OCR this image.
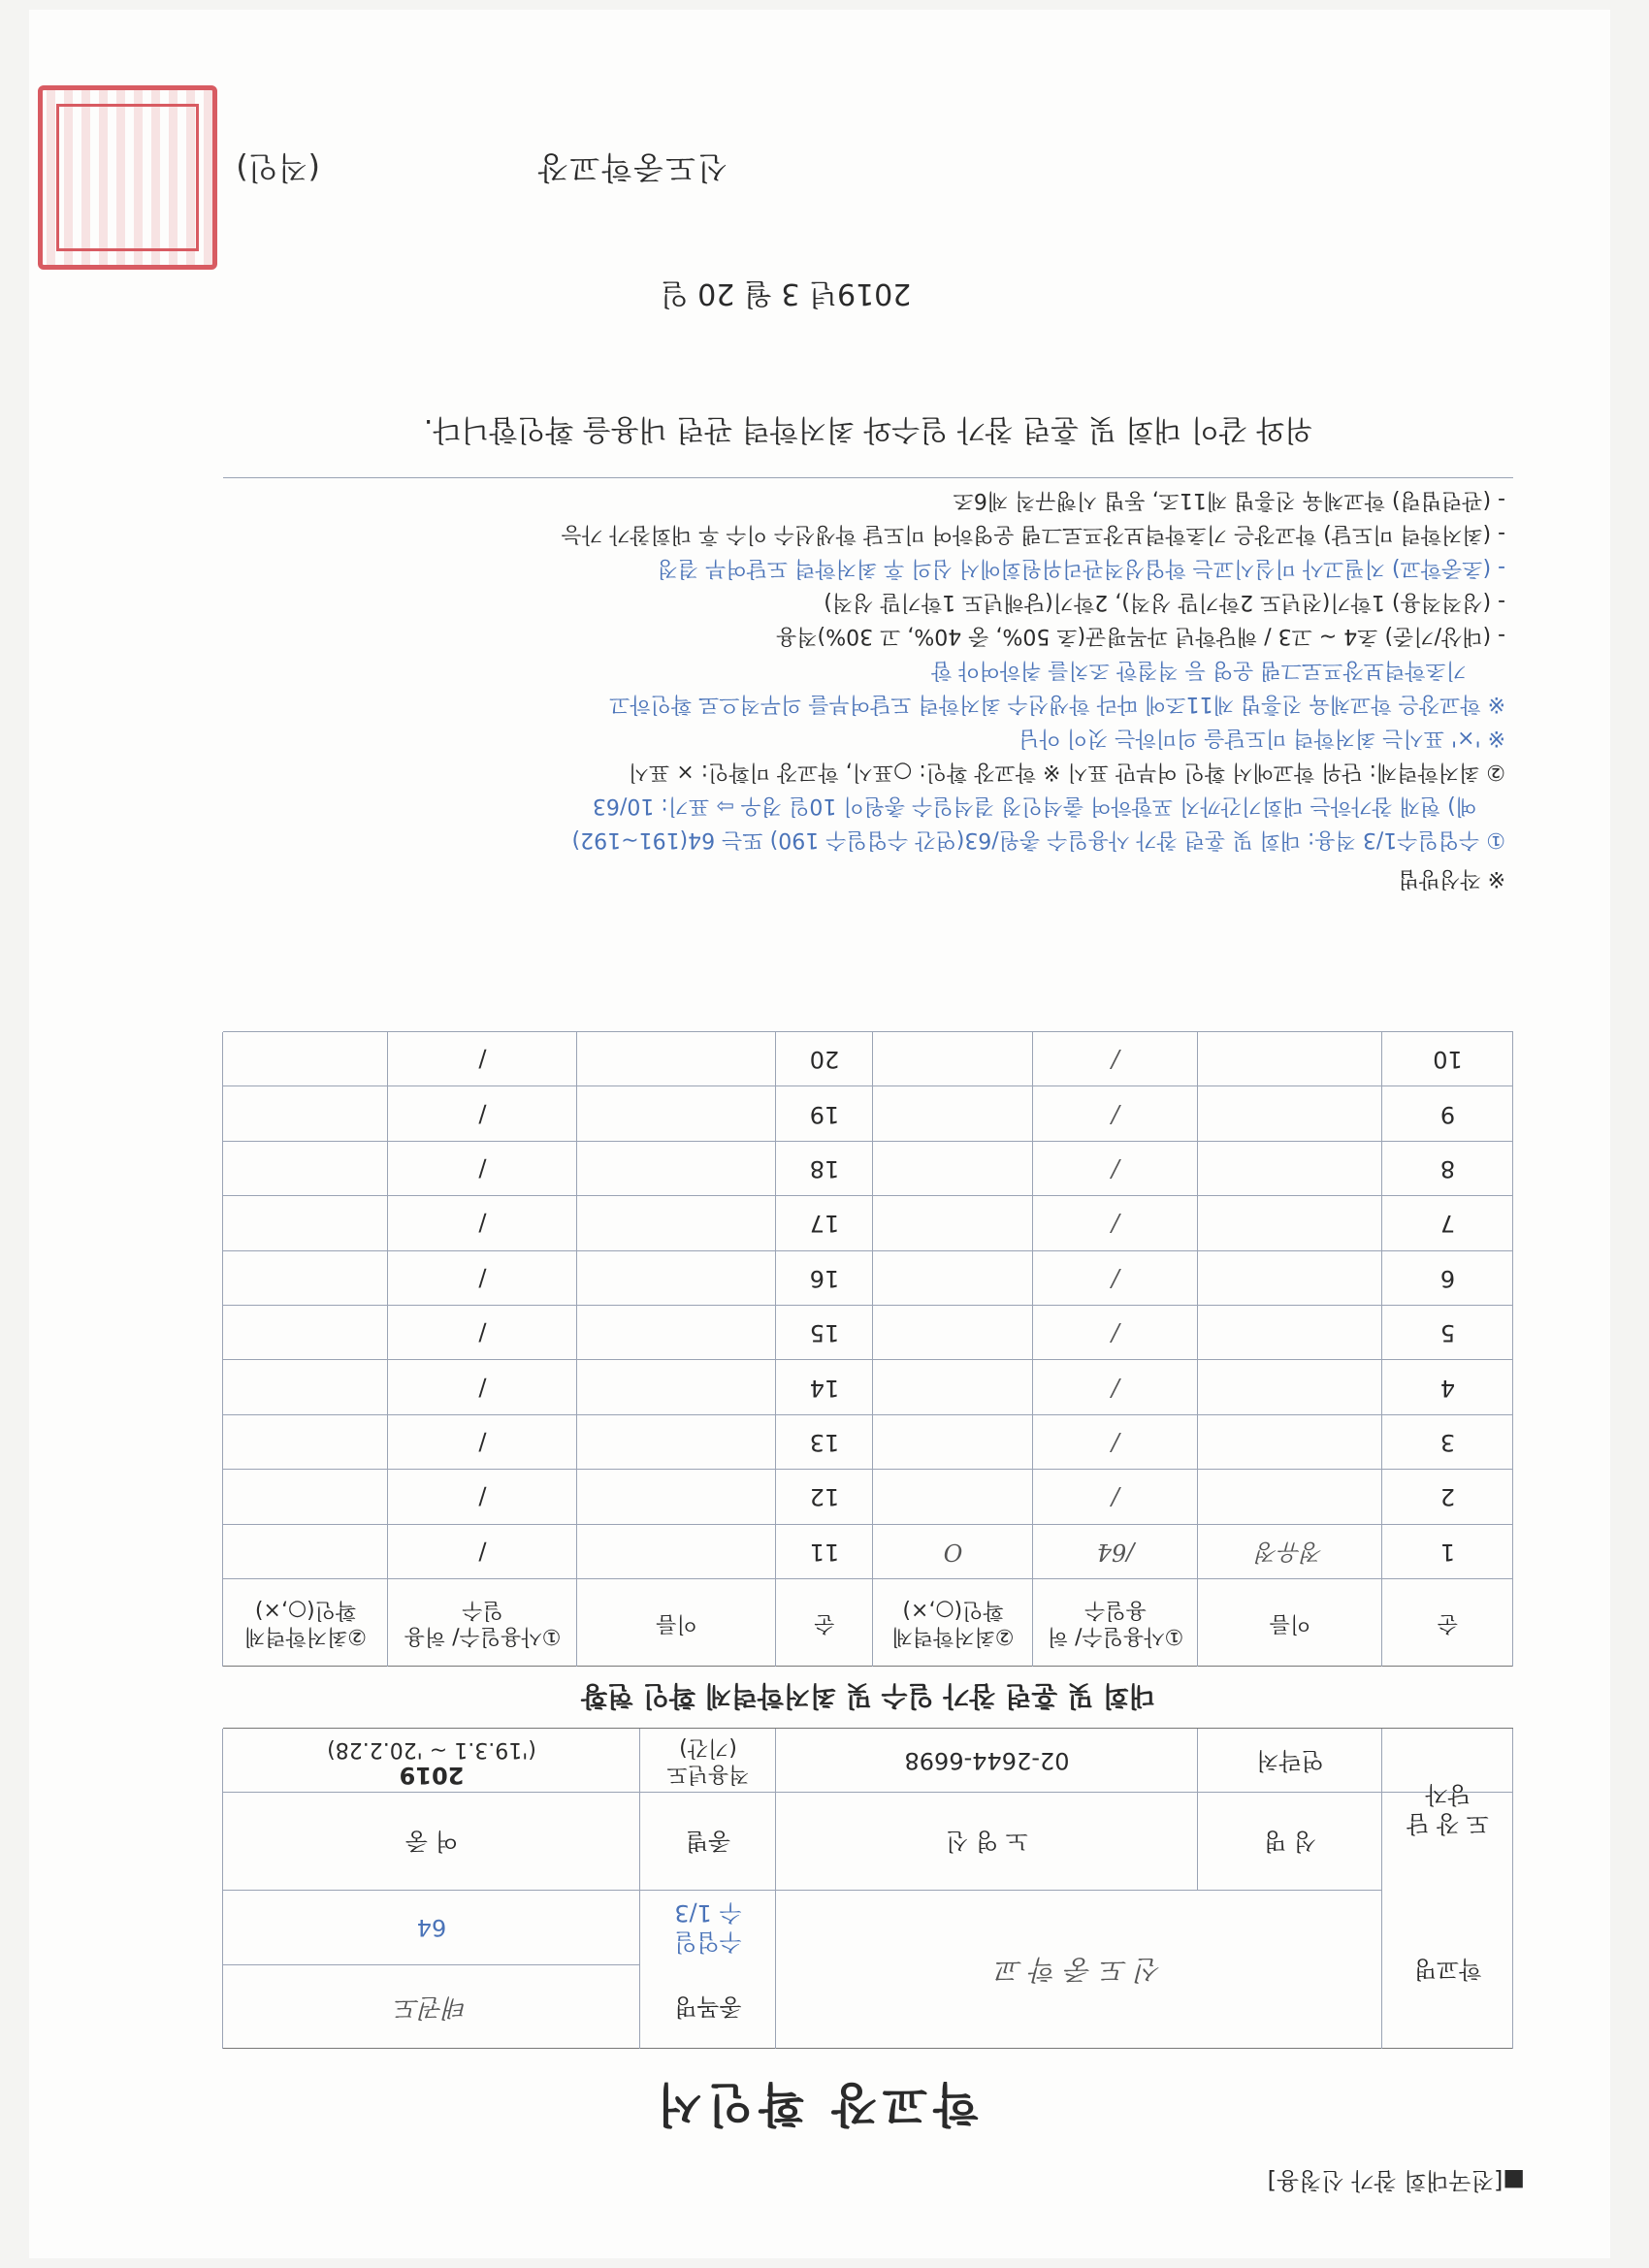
■[전국대회 참가 신청용]
학교장 확인서
학교명
신 도 중 학 교
종목명
태권도
수업일수 1/3
64
도 장 담당자
성 명
노 영 신
종별
여 중
연락처
02-2644-6698
적용년도 (기간)
2019
('19.3.1 ~ '20.2.28)
대회 및 훈련 참가 일수 및 최저학력제 확인 현황
순
이름
①사용일수/ 허용일수
②최저학력제 확인(○,×)
순
이름
①사용일수/ 허용일수
②최저학력제 확인(○,×)
1
정유정
/64
O
11
/
2
/
12
/
3
/
13
/
4
/
14
/
5
/
15
/
6
/
16
/
7
/
17
/
8
/
18
/
9
/
19
/
10
/
20
/
※ 작성방법
① 수업일수1/3 적용: 대회 및 훈련 참가 사용일수 총원/63(연간 수업일수 190) 또는 64(191~192)
예) 현재 참가하는 대회기간까지 포함하여 출석인정 결석일수 총원이 10일 경우 ⇨ 표기: 10/63
② 최저학력제: 단위 학교에서 확인 여부만 표시 ※ 학교장 확인: ○표시, 학교장 미확인: × 표시
※ '×' 표시는 최저학력 미도달을 의미하는 것이 아님
※ 학교장은 학교체육 진흥법 제11조에 따라 학생선수 최저학력 도달여부를 의무적으로 확인하고
기초학력보장프로그램 운영 등 적절한 조치를 취하여야 함
- (대상/기준) 초4 ~ 고3 / 해당학년 과목평균(초 50%, 중 40%, 고 30%)적용
- (성적적용) 1학기(전년도 2학기말 성적), 2학기(당해년도 1학기말 성적)
- (초중학교) 지필고사 미실시교는 학업성적관리위원회에서 심의 후 최저학력 도달여부 결정
- (최저학력 미도달) 학교장은 기초학력보장프로그램 운영하여 미도달 학생선수 이수 후 대회참가 가능
- (관련법령) 학교체육 진흥법 제11조, 동법 시행규칙 제6조
위와 같이 대회 및 훈련 참가 일수와 최저학력 관련 내용을 확인합니다.
2019년 3 월 20 일
신도중학교장
(직인)
